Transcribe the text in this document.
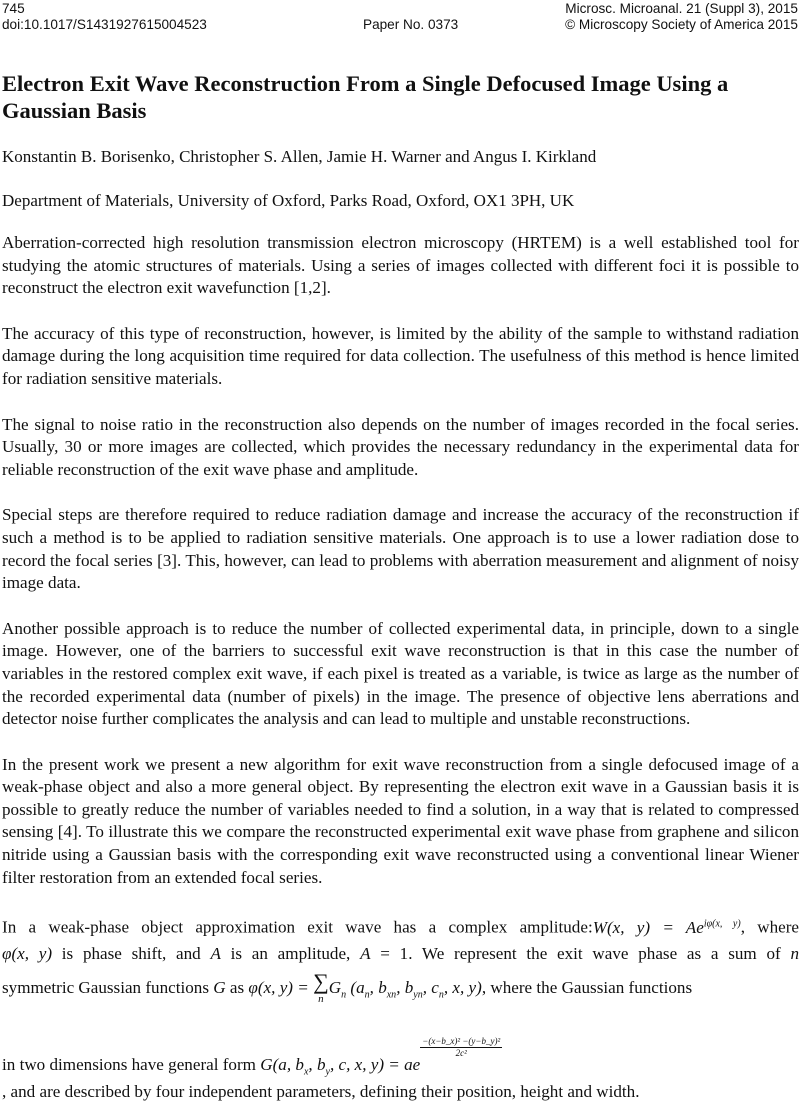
745	Microsc. Microanal. 21 (Suppl 3), 2015
doi:10.1017/S1431927615004523	Paper No. 0373	© Microscopy Society of America 2015
Electron Exit Wave Reconstruction From a Single Defocused Image Using a Gaussian Basis

Konstantin B. Borisenko, Christopher S. Allen, Jamie H. Warner and Angus I. Kirkland

Department of Materials, University of Oxford, Parks Road, Oxford, OX1 3PH, UK

Aberration-corrected high resolution transmission electron microscopy (HRTEM) is a well established tool for studying the atomic structures of materials. Using a series of images collected with different foci it is possible to reconstruct the electron exit wavefunction [1,2].

The accuracy of this type of reconstruction, however, is limited by the ability of the sample to withstand radiation damage during the long acquisition time required for data collection. The usefulness of this method is hence limited for radiation sensitive materials.

The signal to noise ratio in the reconstruction also depends on the number of images recorded in the focal series. Usually, 30 or more images are collected, which provides the necessary redundancy in the experimental data for reliable reconstruction of the exit wave phase and amplitude.

Special steps are therefore required to reduce radiation damage and increase the accuracy of the reconstruction if such a method is to be applied to radiation sensitive materials. One approach is to use a lower radiation dose to record the focal series [3]. This, however, can lead to problems with aberration measurement and alignment of noisy image data.

Another possible approach is to reduce the number of collected experimental data, in principle, down to a single image. However, one of the barriers to successful exit wave reconstruction is that in this case the number of variables in the restored complex exit wave, if each pixel is treated as a variable, is twice as large as the number of the recorded experimental data (number of pixels) in the image. The presence of objective lens aberrations and detector noise further complicates the analysis and can lead to multiple and unstable reconstructions.

In the present work we present a new algorithm for exit wave reconstruction from a single defocused image of a weak-phase object and also a more general object. By representing the electron exit wave in a Gaussian basis it is possible to greatly reduce the number of variables needed to find a solution, in a way that is related to compressed sensing [4]. To illustrate this we compare the reconstructed experimental exit wave phase from graphene and silicon nitride using a Gaussian basis with the corresponding exit wave reconstructed using a conventional linear Wiener filter restoration from an extended focal series.

In a weak-phase object approximation exit wave has a complex amplitude:W(x, $y) = Ae^{i\varphi(x, y)}$, where
φ(x, y) is phase shift, and A is an amplitude, A = 1. We represent the exit wave phase as a sum of n
symmetric Gaussian functions G as φ(x, y) = ∑
n
$G_n$ ($a_n$, $b_{xn}$, $b_{yn}$, $c_n$, x, y), where the Gaussian functions
in two dimensions have general form G(a, $b_x$, $b_y$, c, x, y) = ae
$\frac{\text{−(x−b\_x)² −(y−b\_y)²}}{\text{2c²}}$
, and are described by four independent parameters, defining their position, height and width.
